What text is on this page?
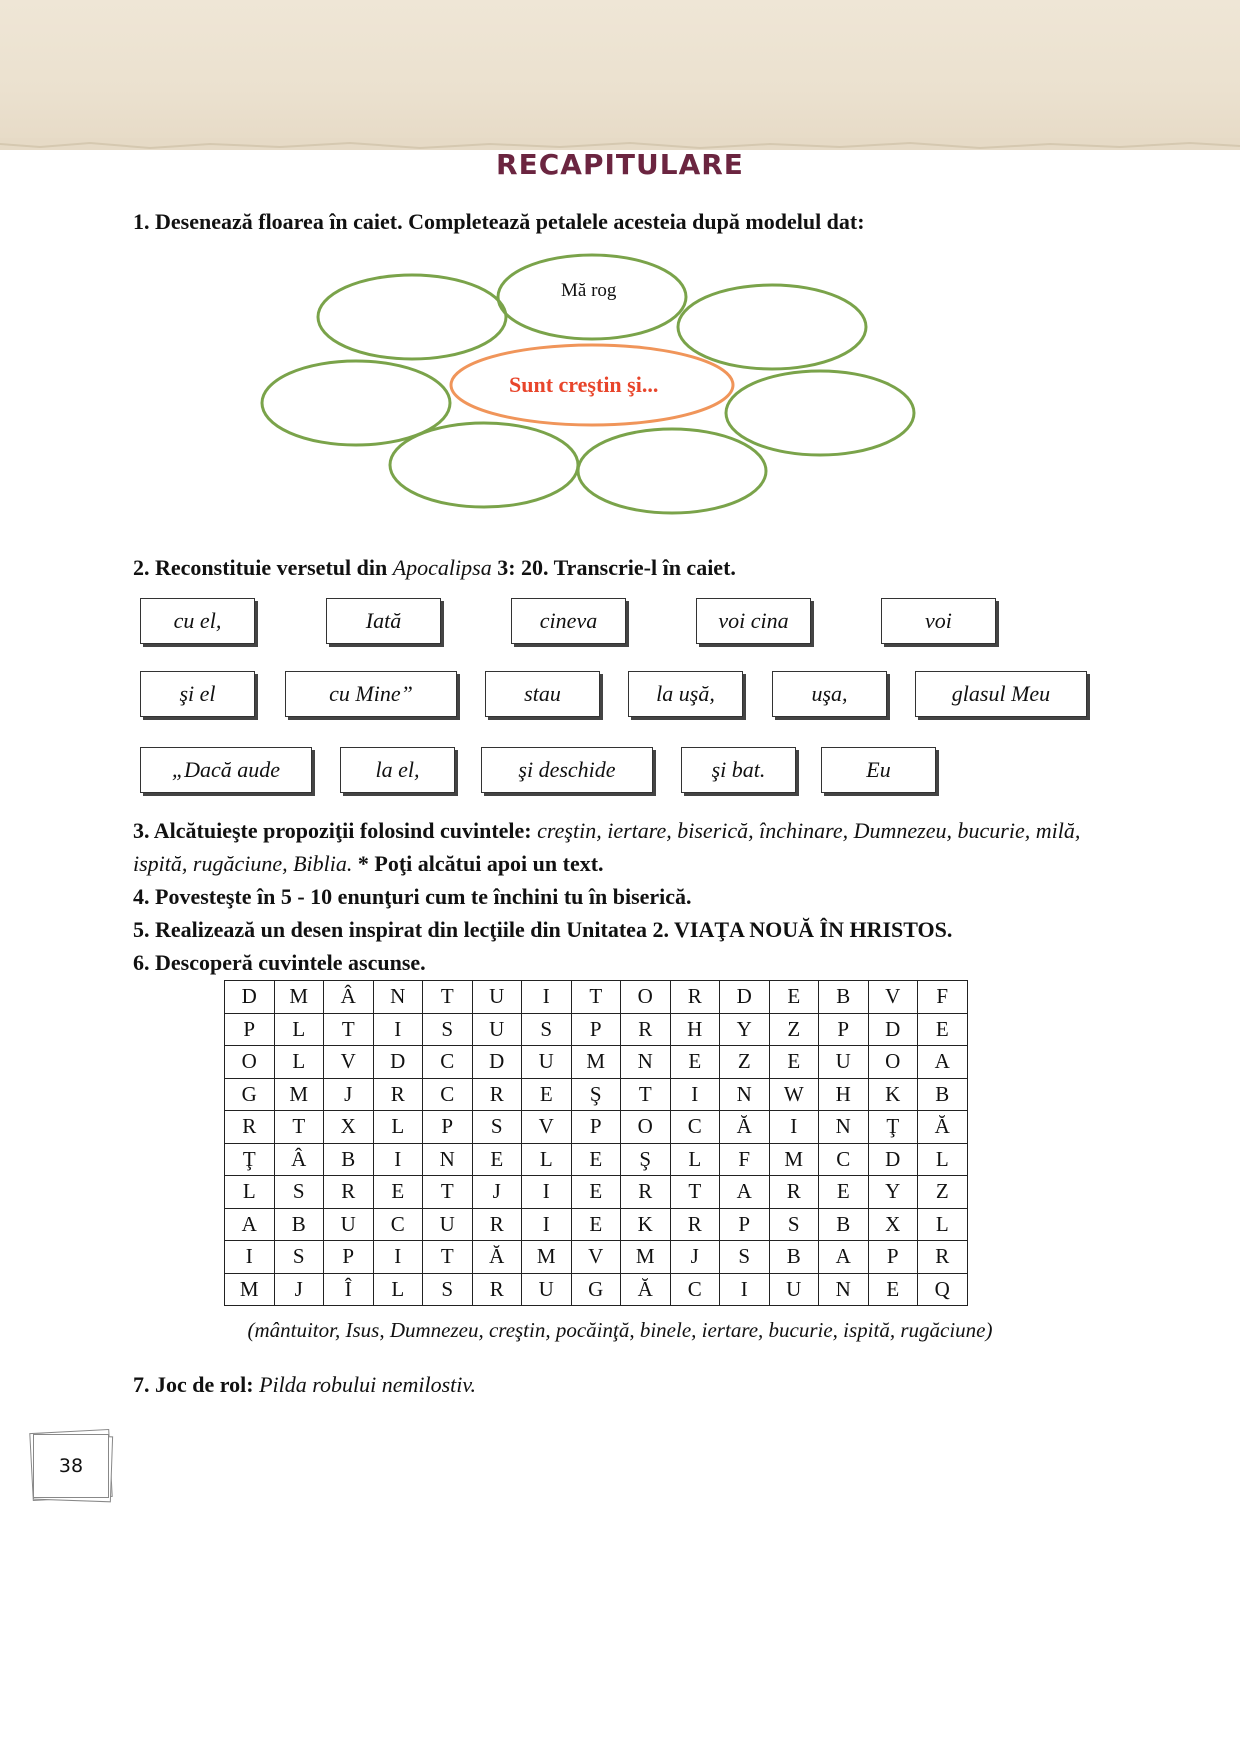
RECAPITULARE
1. Desenează floarea în caiet. Completează petalele acesteia după modelul dat:
Mă rog
Sunt creştin şi...
2. Reconstituie versetul din Apocalipsa 3: 20. Transcrie-l în caiet.
cu el,	Iată	cineva	voi cina	voi
şi el	cu Mine”	stau	la uşă,	uşa,	glasul Meu
„Dacă aude	la el,	şi deschide	şi bat.	Eu
3. Alcătuieşte propoziţii folosind cuvintele: creştin, iertare, biserică, închinare, Dumnezeu, bucurie, milă, ispită, rugăciune, Biblia. * Poţi alcătui apoi un text.
4. Povesteşte în 5 - 10 enunţuri cum te închini tu în biserică.
5. Realizează un desen inspirat din lecţiile din Unitatea 2. VIAŢA NOUĂ ÎN HRISTOS.
6. Descoperă cuvintele ascunse.
D	M	Â	N	T	U	I	T	O	R	D	E	B	V	F
P	L	T	I	S	U	S	P	R	H	Y	Z	P	D	E
O	L	V	D	C	D	U	M	N	E	Z	E	U	O	A
G	M	J	R	C	R	E	Ş	T	I	N	W	H	K	B
R	T	X	L	P	S	V	P	O	C	Ă	I	N	Ţ	Ă
Ţ	Â	B	I	N	E	L	E	Ş	L	F	M	C	D	L
L	S	R	E	T	J	I	E	R	T	A	R	E	Y	Z
A	B	U	C	U	R	I	E	K	R	P	S	B	X	L
I	S	P	I	T	Ă	M	V	M	J	S	B	A	P	R
M	J	Î	L	S	R	U	G	Ă	C	I	U	N	E	Q
(mântuitor, Isus, Dumnezeu, creştin, pocăinţă, binele, iertare, bucurie, ispită, rugăciune)
7. Joc de rol: Pilda robului nemilostiv.
38
